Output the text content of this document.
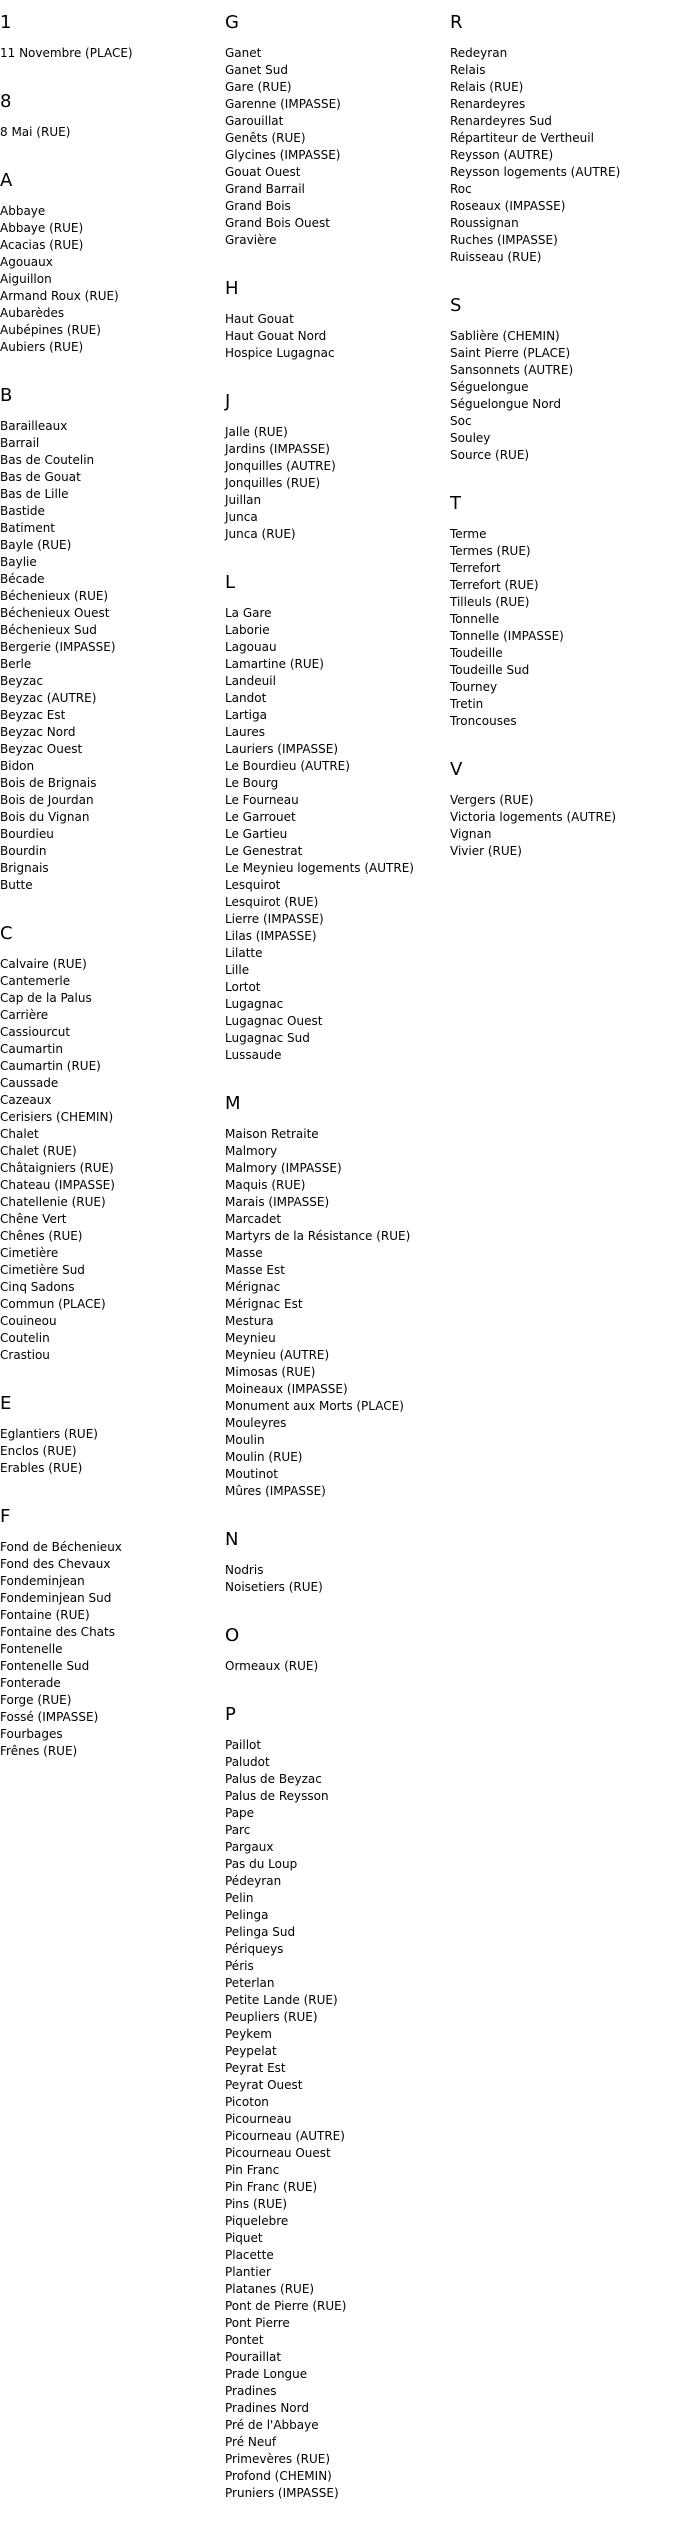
1
11 Novembre (PLACE)
8
8 Mai (RUE)
A
Abbaye
Abbaye (RUE)
Acacias (RUE)
Agouaux
Aiguillon
Armand Roux (RUE)
Aubarèdes
Aubépines (RUE)
Aubiers (RUE)
B
Barailleaux
Barrail
Bas de Coutelin
Bas de Gouat
Bas de Lille
Bastide
Batiment
Bayle (RUE)
Baylie
Bécade
Béchenieux (RUE)
Béchenieux Ouest
Béchenieux Sud
Bergerie (IMPASSE)
Berle
Beyzac
Beyzac (AUTRE)
Beyzac Est
Beyzac Nord
Beyzac Ouest
Bidon
Bois de Brignais
Bois de Jourdan
Bois du Vignan
Bourdieu
Bourdin
Brignais
Butte
C
Calvaire (RUE)
Cantemerle
Cap de la Palus
Carrière
Cassiourcut
Caumartin
Caumartin (RUE)
Caussade
Cazeaux
Cerisiers (CHEMIN)
Chalet
Chalet (RUE)
Châtaigniers (RUE)
Chateau (IMPASSE)
Chatellenie (RUE)
Chêne Vert
Chênes (RUE)
Cimetière
Cimetière Sud
Cinq Sadons
Commun (PLACE)
Couineou
Coutelin
Crastiou
E
Eglantiers (RUE)
Enclos (RUE)
Erables (RUE)
F
Fond de Béchenieux
Fond des Chevaux
Fondeminjean
Fondeminjean Sud
Fontaine (RUE)
Fontaine des Chats
Fontenelle
Fontenelle Sud
Fonterade
Forge (RUE)
Fossé (IMPASSE)
Fourbages
Frênes (RUE)
G
Ganet
Ganet Sud
Gare (RUE)
Garenne (IMPASSE)
Garouillat
Genêts (RUE)
Glycines (IMPASSE)
Gouat Ouest
Grand Barrail
Grand Bois
Grand Bois Ouest
Gravière
H
Haut Gouat
Haut Gouat Nord
Hospice Lugagnac
J
Jalle (RUE)
Jardins (IMPASSE)
Jonquilles (AUTRE)
Jonquilles (RUE)
Juillan
Junca
Junca (RUE)
L
La Gare
Laborie
Lagouau
Lamartine (RUE)
Landeuil
Landot
Lartiga
Laures
Lauriers (IMPASSE)
Le Bourdieu (AUTRE)
Le Bourg
Le Fourneau
Le Garrouet
Le Gartieu
Le Genestrat
Le Meynieu logements (AUTRE)
Lesquirot
Lesquirot (RUE)
Lierre (IMPASSE)
Lilas (IMPASSE)
Lilatte
Lille
Lortot
Lugagnac
Lugagnac Ouest
Lugagnac Sud
Lussaude
M
Maison Retraite
Malmory
Malmory (IMPASSE)
Maquis (RUE)
Marais (IMPASSE)
Marcadet
Martyrs de la Résistance (RUE)
Masse
Masse Est
Mérignac
Mérignac Est
Mestura
Meynieu
Meynieu (AUTRE)
Mimosas (RUE)
Moineaux (IMPASSE)
Monument aux Morts (PLACE)
Mouleyres
Moulin
Moulin (RUE)
Moutinot
Mûres (IMPASSE)
N
Nodris
Noisetiers (RUE)
O
Ormeaux (RUE)
P
Paillot
Paludot
Palus de Beyzac
Palus de Reysson
Pape
Parc
Pargaux
Pas du Loup
Pédeyran
Pelin
Pelinga
Pelinga Sud
Périqueys
Péris
Peterlan
Petite Lande (RUE)
Peupliers (RUE)
Peykem
Peypelat
Peyrat Est
Peyrat Ouest
Picoton
Picourneau
Picourneau (AUTRE)
Picourneau Ouest
Pin Franc
Pin Franc (RUE)
Pins (RUE)
Piquelebre
Piquet
Placette
Plantier
Platanes (RUE)
Pont de Pierre (RUE)
Pont Pierre
Pontet
Pouraillat
Prade Longue
Pradines
Pradines Nord
Pré de l'Abbaye
Pré Neuf
Primevères (RUE)
Profond (CHEMIN)
Pruniers (IMPASSE)
R
Redeyran
Relais
Relais (RUE)
Renardeyres
Renardeyres Sud
Répartiteur de Vertheuil
Reysson (AUTRE)
Reysson logements (AUTRE)
Roc
Roseaux (IMPASSE)
Roussignan
Ruches (IMPASSE)
Ruisseau (RUE)
S
Sablière (CHEMIN)
Saint Pierre (PLACE)
Sansonnets (AUTRE)
Séguelongue
Séguelongue Nord
Soc
Souley
Source (RUE)
T
Terme
Termes (RUE)
Terrefort
Terrefort (RUE)
Tilleuls (RUE)
Tonnelle
Tonnelle (IMPASSE)
Toudeille
Toudeille Sud
Tourney
Tretin
Troncouses
V
Vergers (RUE)
Victoria logements (AUTRE)
Vignan
Vivier (RUE)
